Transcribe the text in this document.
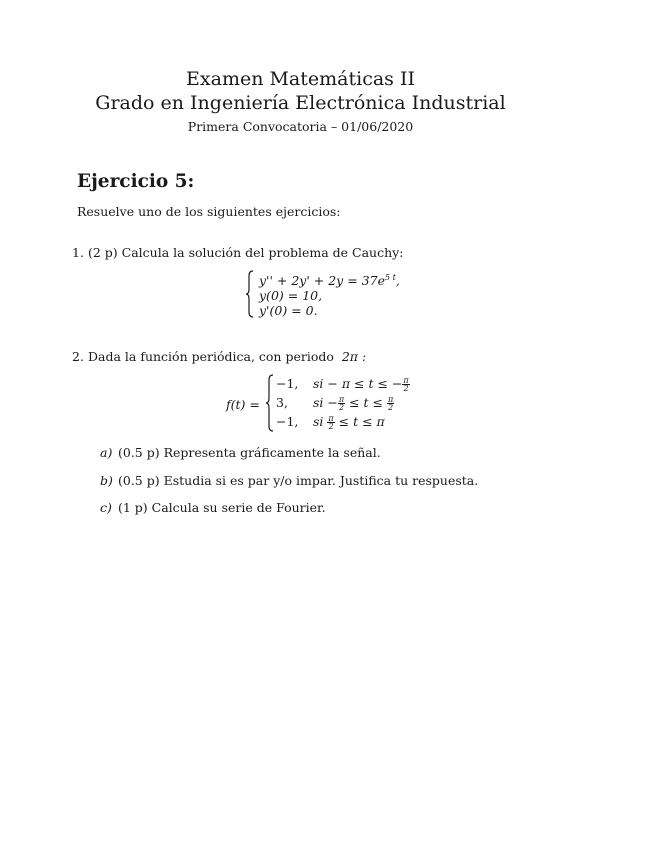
Examen Matemáticas II
Grado en Ingeniería Electrónica Industrial
Primera Convocatoria – 01/06/2020
Ejercicio 5:
Resuelve uno de los siguientes ejercicios:
1. (2 p) Calcula la solución del problema de Cauchy:
$y'' + 2y' + 2y = 37e^{5 t}$,
y(0) = 10,
y'(0) = 0.
2. Dada la función periódica, con periodo 2π :
f(t) =
−1, si − π ≤ t ≤ − $\frac{\pi}{2}$
3, si − $\frac{\pi}{2} \le t \le \frac{\pi}{2}$
−1, si $\frac{\pi}{2} \le t \le \pi$
a) (0.5 p) Representa gráficamente la señal.
b) (0.5 p) Estudia si es par y/o impar. Justifica tu respuesta.
c) (1 p) Calcula su serie de Fourier.
